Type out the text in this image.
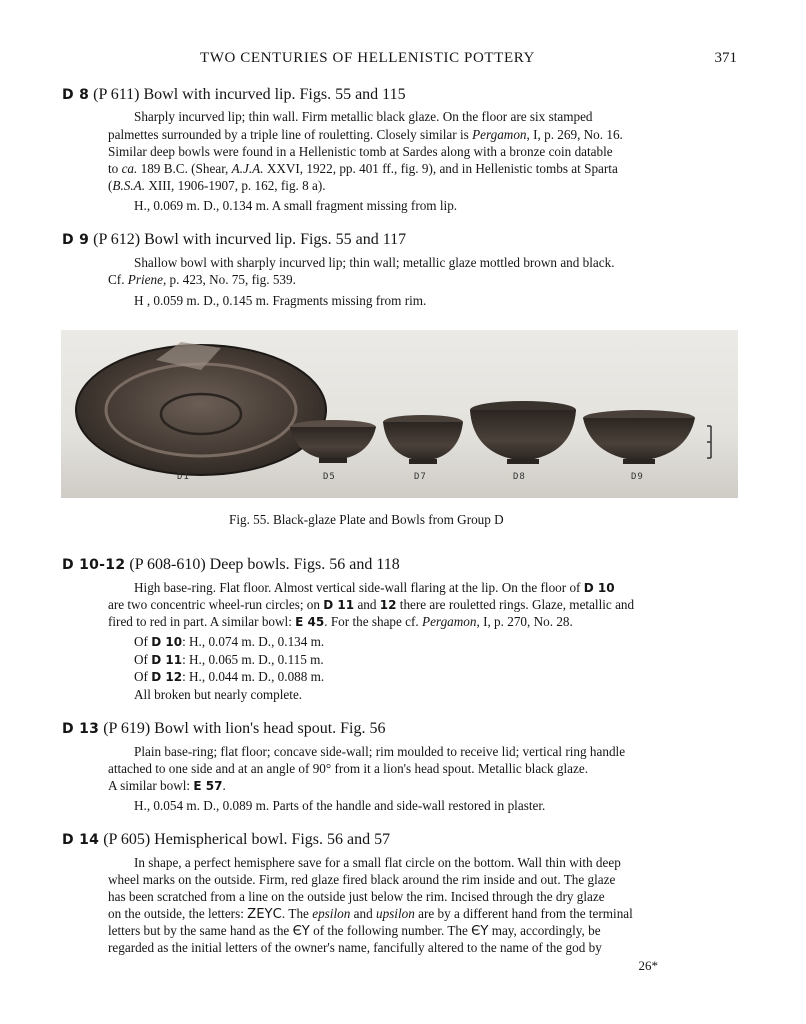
TWO CENTURIES OF HELLENISTIC POTTERY	371
D 8 (P 611) Bowl with incurved lip. Figs. 55 and 115
Sharply incurved lip; thin wall. Firm metallic black glaze. On the floor are six stamped
palmettes surrounded by a triple line of rouletting. Closely similar is Pergamon, I, p. 269, No. 16.
Similar deep bowls were found in a Hellenistic tomb at Sardes along with a bronze coin datable
to ca. 189 B.C. (Shear, A.J.A. XXVI, 1922, pp. 401 ff., fig. 9), and in Hellenistic tombs at Sparta
(B.S.A. XIII, 1906-1907, p. 162, fig. 8 a).
H., 0.069 m. D., 0.134 m. A small fragment missing from lip.
D 9 (P 612) Bowl with incurved lip. Figs. 55 and 117
Shallow bowl with sharply incurved lip; thin wall; metallic glaze mottled brown and black.
Cf. Priene, p. 423, No. 75, fig. 539.
H , 0.059 m. D., 0.145 m. Fragments missing from rim.
D1	D5	D7	D8	D9
Fig. 55. Black-glaze Plate and Bowls from Group D
D 10-12 (P 608-610) Deep bowls. Figs. 56 and 118
High base-ring. Flat floor. Almost vertical side-wall flaring at the lip. On the floor of D 10
are two concentric wheel-run circles; on D 11 and 12 there are rouletted rings. Glaze, metallic and
fired to red in part. A similar bowl: E 45. For the shape cf. Pergamon, I, p. 270, No. 28.
Of D 10: H., 0.074 m. D., 0.134 m.
Of D 11: H., 0.065 m. D., 0.115 m.
Of D 12: H., 0.044 m. D., 0.088 m.
All broken but nearly complete.
D 13 (P 619) Bowl with lion's head spout. Fig. 56
Plain base-ring; flat floor; concave side-wall; rim moulded to receive lid; vertical ring handle
attached to one side and at an angle of 90° from it a lion's head spout. Metallic black glaze.
A similar bowl: E 57.
H., 0.054 m. D., 0.089 m. Parts of the handle and side-wall restored in plaster.
D 14 (P 605) Hemispherical bowl. Figs. 56 and 57
In shape, a perfect hemisphere save for a small flat circle on the bottom. Wall thin with deep
wheel marks on the outside. Firm, red glaze fired black around the rim inside and out. The glaze
has been scratched from a line on the outside just below the rim. Incised through the dry glaze
on the outside, the letters: ΖΕΥϹ. The epsilon and upsilon are by a different hand from the terminal
letters but by the same hand as the ЄΥ of the following number. The ЄΥ may, accordingly, be
regarded as the initial letters of the owner's name, fancifully altered to the name of the god by
26*
